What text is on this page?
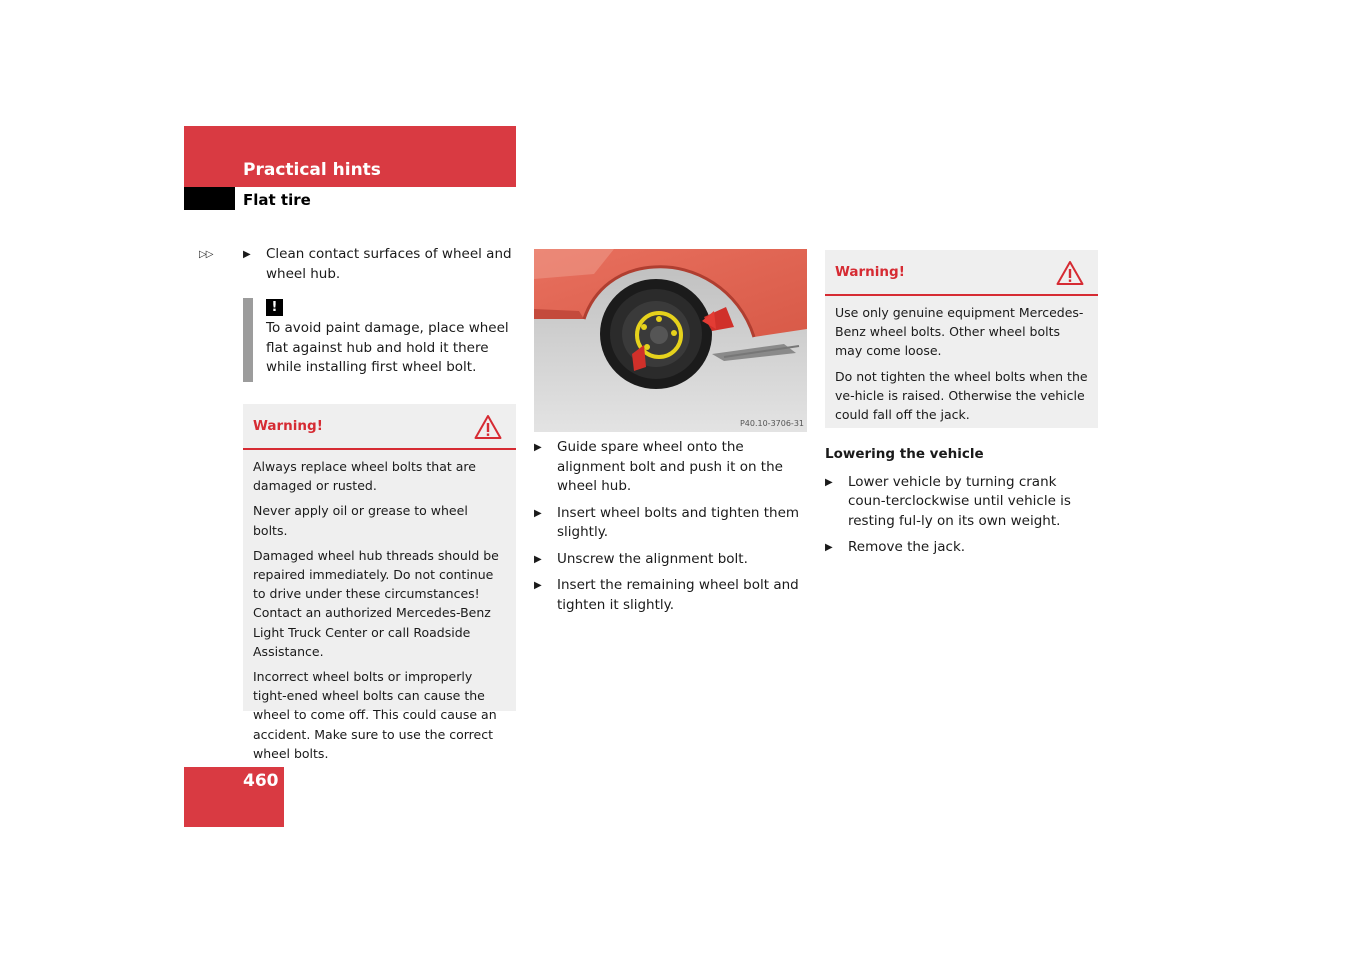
Practical hints
Flat tire
▷▷	▶ Clean contact surfaces of wheel and wheel hub.
!
To avoid paint damage, place wheel flat against hub and hold it there while installing first wheel bolt.
Warning!

Always replace wheel bolts that are damaged or rusted.

Never apply oil or grease to wheel bolts.

Damaged wheel hub threads should be repaired immediately. Do not continue to drive under these circumstances! Contact an authorized Mercedes-Benz Light Truck Center or call Roadside Assistance.

Incorrect wheel bolts or improperly tight-ened wheel bolts can cause the wheel to come off. This could cause an accident. Make sure to use the correct wheel bolts.

P40.10-3706-31
▶ Guide spare wheel onto the alignment bolt and push it on the wheel hub.
▶ Insert wheel bolts and tighten them slightly.
▶ Unscrew the alignment bolt.
▶ Insert the remaining wheel bolt and tighten it slightly.
Warning!

Use only genuine equipment Mercedes-Benz wheel bolts. Other wheel bolts may come loose.

Do not tighten the wheel bolts when the ve-hicle is raised. Otherwise the vehicle could fall off the jack.

Lowering the vehicle
▶ Lower vehicle by turning crank coun-terclockwise until vehicle is resting ful-ly on its own weight.
▶ Remove the jack.
460
